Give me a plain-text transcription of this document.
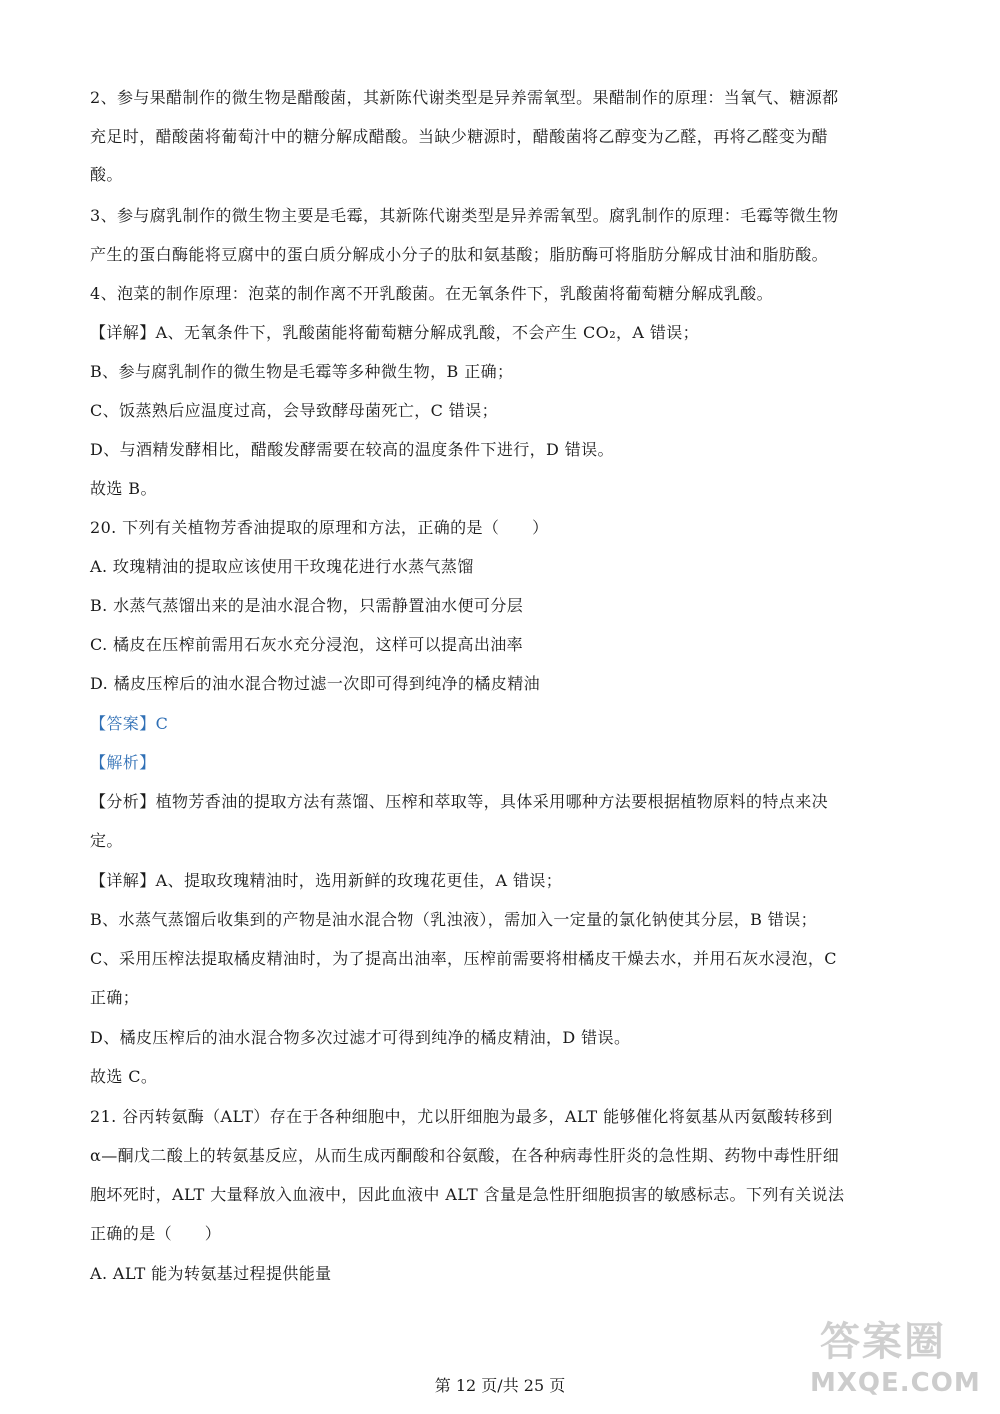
2、参与果醋制作的微生物是醋酸菌，其新陈代谢类型是异养需氧型。果醋制作的原理：当氧气、糖源都
充足时，醋酸菌将葡萄汁中的糖分解成醋酸。当缺少糖源时，醋酸菌将乙醇变为乙醛，再将乙醛变为醋
酸。
3、参与腐乳制作的微生物主要是毛霉，其新陈代谢类型是异养需氧型。腐乳制作的原理：毛霉等微生物
产生的蛋白酶能将豆腐中的蛋白质分解成小分子的肽和氨基酸；脂肪酶可将脂肪分解成甘油和脂肪酸。
4、泡菜的制作原理：泡菜的制作离不开乳酸菌。在无氧条件下，乳酸菌将葡萄糖分解成乳酸。
【详解】A、无氧条件下，乳酸菌能将葡萄糖分解成乳酸，不会产生 CO₂，A 错误；
B、参与腐乳制作的微生物是毛霉等多种微生物，B 正确；
C、饭蒸熟后应温度过高，会导致酵母菌死亡，C 错误；
D、与酒精发酵相比，醋酸发酵需要在较高的温度条件下进行，D 错误。
故选 B。
20. 下列有关植物芳香油提取的原理和方法，正确的是（　　）
A. 玫瑰精油的提取应该使用干玫瑰花进行水蒸气蒸馏
B. 水蒸气蒸馏出来的是油水混合物，只需静置油水便可分层
C. 橘皮在压榨前需用石灰水充分浸泡，这样可以提高出油率
D. 橘皮压榨后的油水混合物过滤一次即可得到纯净的橘皮精油
【答案】C
【解析】
【分析】植物芳香油的提取方法有蒸馏、压榨和萃取等，具体采用哪种方法要根据植物原料的特点来决
定。
【详解】A、提取玫瑰精油时，选用新鲜的玫瑰花更佳，A 错误；
B、水蒸气蒸馏后收集到的产物是油水混合物（乳浊液），需加入一定量的氯化钠使其分层，B 错误；
C、采用压榨法提取橘皮精油时，为了提高出油率，压榨前需要将柑橘皮干燥去水，并用石灰水浸泡，C
正确；
D、橘皮压榨后的油水混合物多次过滤才可得到纯净的橘皮精油，D 错误。
故选 C。
21. 谷丙转氨酶（ALT）存在于各种细胞中，尤以肝细胞为最多，ALT 能够催化将氨基从丙氨酸转移到
α—酮戊二酸上的转氨基反应，从而生成丙酮酸和谷氨酸，在各种病毒性肝炎的急性期、药物中毒性肝细
胞坏死时，ALT 大量释放入血液中，因此血液中 ALT 含量是急性肝细胞损害的敏感标志。下列有关说法
正确的是（　　）
A. ALT 能为转氨基过程提供能量
第 12 页/共 25 页
答案圈
MXQE.COM
